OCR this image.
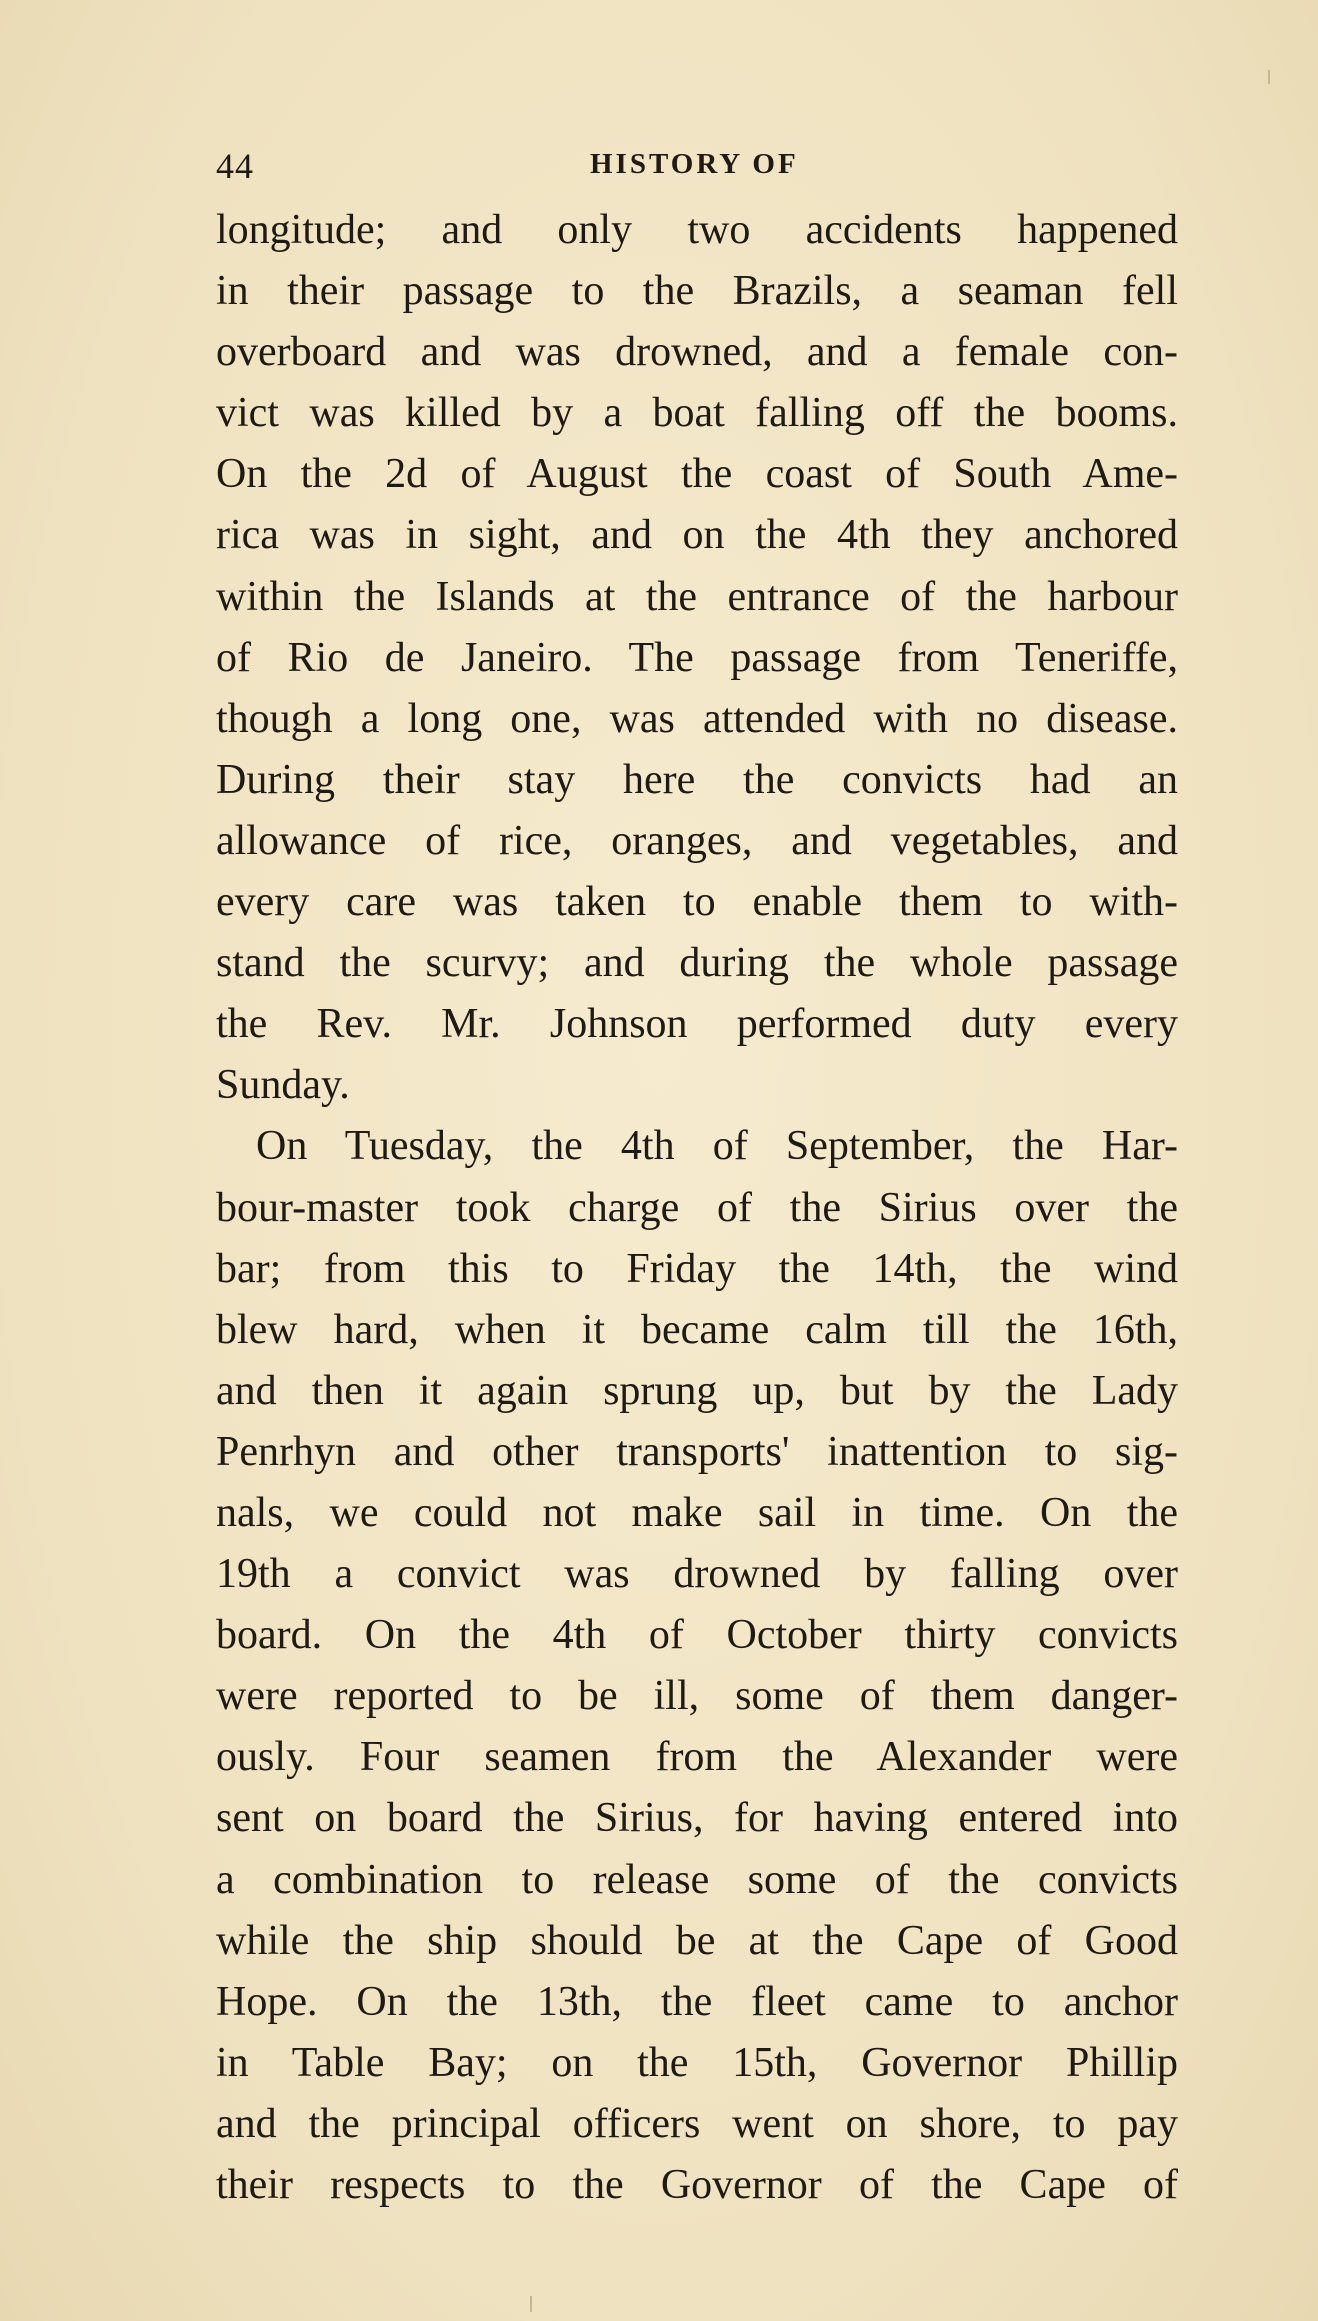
44	HISTORY OF
longitude; and only two accidents happened
in their passage to the Brazils, a seaman fell
overboard and was drowned, and a female con-
vict was killed by a boat falling off the booms.
On the 2d of August the coast of South Ame-
rica was in sight, and on the 4th they anchored
within the Islands at the entrance of the harbour
of Rio de Janeiro. The passage from Teneriffe,
though a long one, was attended with no disease.
During their stay here the convicts had an
allowance of rice, oranges, and vegetables, and
every care was taken to enable them to with-
stand the scurvy; and during the whole passage
the Rev. Mr. Johnson performed duty every
Sunday.
On Tuesday, the 4th of September, the Har-
bour-master took charge of the Sirius over the
bar; from this to Friday the 14th, the wind
blew hard, when it became calm till the 16th,
and then it again sprung up, but by the Lady
Penrhyn and other transports' inattention to sig-
nals, we could not make sail in time. On the
19th a convict was drowned by falling over
board. On the 4th of October thirty convicts
were reported to be ill, some of them danger-
ously. Four seamen from the Alexander were
sent on board the Sirius, for having entered into
a combination to release some of the convicts
while the ship should be at the Cape of Good
Hope. On the 13th, the fleet came to anchor
in Table Bay; on the 15th, Governor Phillip
and the principal officers went on shore, to pay
their respects to the Governor of the Cape of
